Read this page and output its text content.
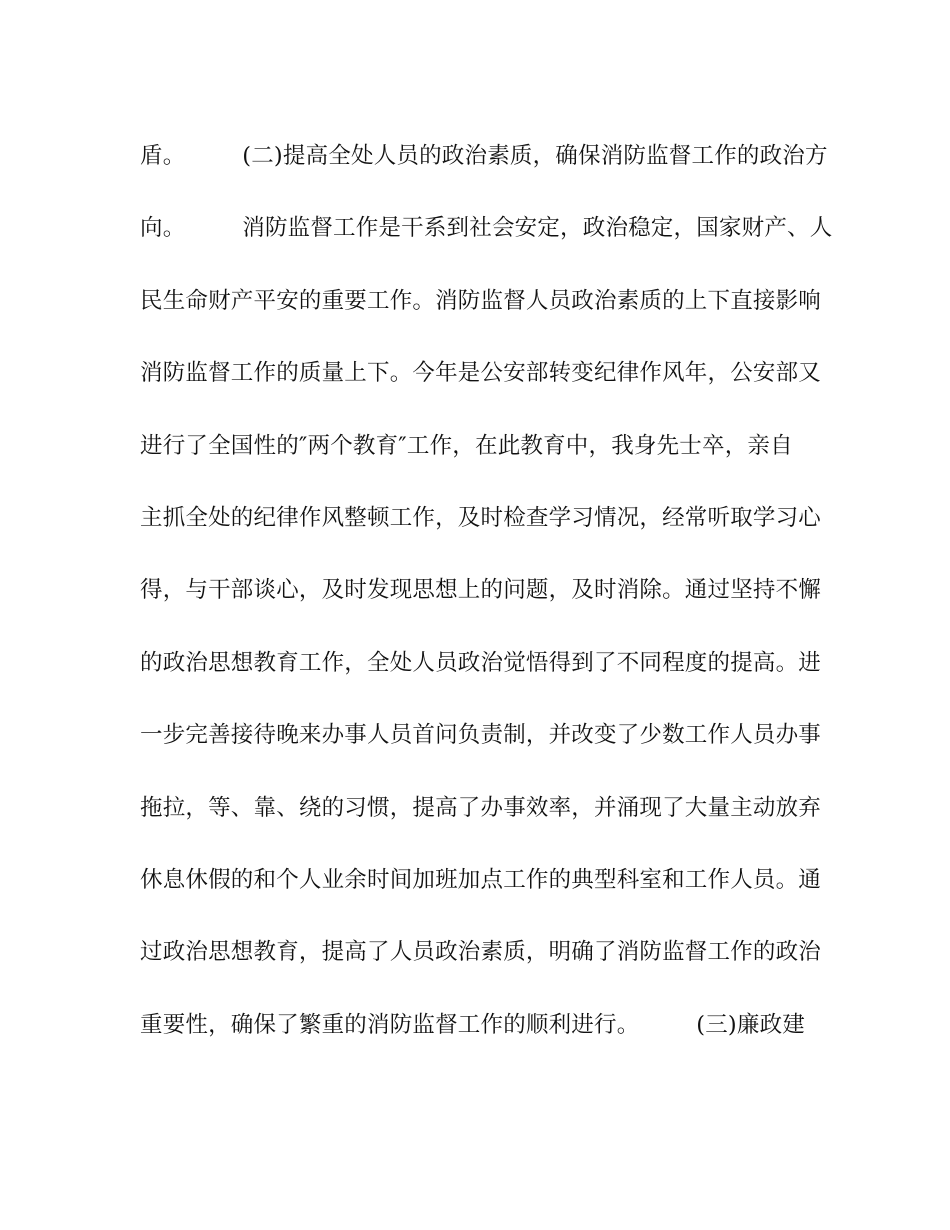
盾。　　　(二)提高全处人员的政治素质，确保消防监督工作的政治方
向。　　　消防监督工作是干系到社会安定，政治稳定，国家财产、人
民生命财产平安的重要工作。消防监督人员政治素质的上下直接影响
消防监督工作的质量上下。今年是公安部转变纪律作风年，公安部又
进行了全国性的″两个教育″工作，在此教育中，我身先士卒，亲自
主抓全处的纪律作风整顿工作，及时检查学习情况，经常听取学习心
得，与干部谈心，及时发现思想上的问题，及时消除。通过坚持不懈
的政治思想教育工作，全处人员政治觉悟得到了不同程度的提高。进
一步完善接待晚来办事人员首问负责制，并改变了少数工作人员办事
拖拉，等、靠、绕的习惯，提高了办事效率，并涌现了大量主动放弃
休息休假的和个人业余时间加班加点工作的典型科室和工作人员。通
过政治思想教育，提高了人员政治素质，明确了消防监督工作的政治
重要性，确保了繁重的消防监督工作的顺利进行。　　　(三)廉政建
